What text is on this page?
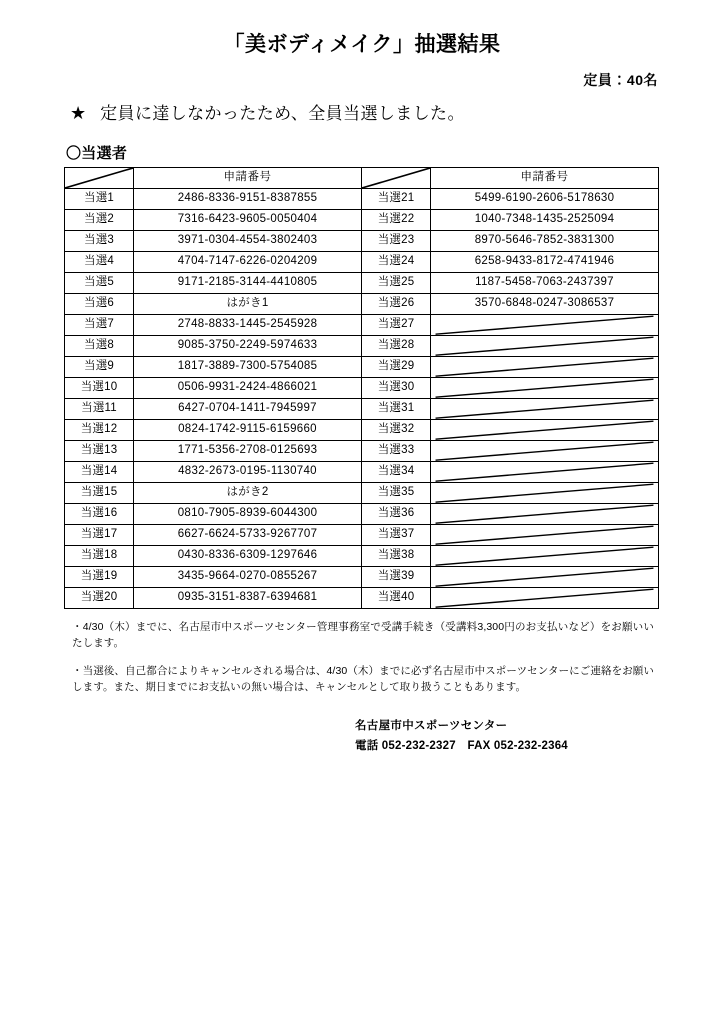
「美ボディメイク」抽選結果
定員：40名
★ 定員に達しなかったため、全員当選しました。
〇当選者
	申請番号		申請番号
当選1	2486-8336-9151-8387855	当選21	5499-6190-2606-5178630
当選2	7316-6423-9605-0050404	当選22	1040-7348-1435-2525094
当選3	3971-0304-4554-3802403	当選23	8970-5646-7852-3831300
当選4	4704-7147-6226-0204209	当選24	6258-9433-8172-4741946
当選5	9171-2185-3144-4410805	当選25	1187-5458-7063-2437397
当選6	はがき1	当選26	3570-6848-0247-3086537
当選7	2748-8833-1445-2545928	当選27	

当選8	9085-3750-2249-5974633	当選28	

当選9	1817-3889-7300-5754085	当選29	

当選10	0506-9931-2424-4866021	当選30	

当選11	6427-0704-1411-7945997	当選31	

当選12	0824-1742-9115-6159660	当選32	

当選13	1771-5356-2708-0125693	当選33	

当選14	4832-2673-0195-1130740	当選34	

当選15	はがき2	当選35	

当選16	0810-7905-8939-6044300	当選36	

当選17	6627-6624-5733-9267707	当選37	

当選18	0430-8336-6309-1297646	当選38	

当選19	3435-9664-0270-0855267	当選39	

当選20	0935-3151-8387-6394681	当選40	

・4/30（木）までに、名古屋市中スポーツセンター管理事務室で受講手続き（受講料3,300円のお支払いなど）をお願いいたします。

・当選後、自己都合によりキャンセルされる場合は、4/30（木）までに必ず名古屋市中スポーツセンターにご連絡をお願いします。また、期日までにお支払いの無い場合は、キャンセルとして取り扱うこともあります。

名古屋市中スポーツセンター
電話 052-232-2327　FAX 052-232-2364
